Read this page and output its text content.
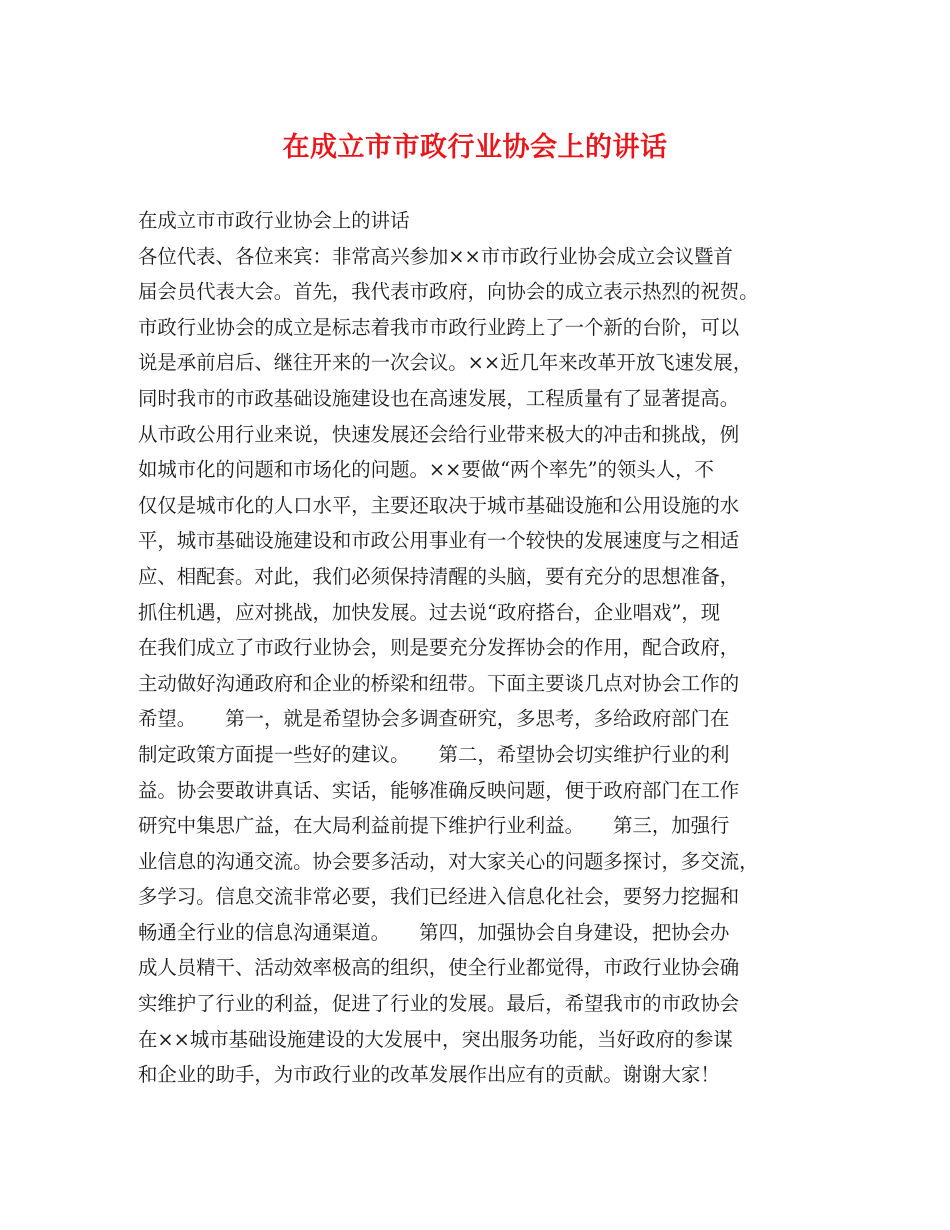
在成立市市政行业协会上的讲话
在成立市市政行业协会上的讲话
各位代表、各位来宾：非常高兴参加××市市政行业协会成立会议暨首
届会员代表大会。首先，我代表市政府，向协会的成立表示热烈的祝贺。
市政行业协会的成立是标志着我市市政行业跨上了一个新的台阶，可以
说是承前启后、继往开来的一次会议。××近几年来改革开放飞速发展，
同时我市的市政基础设施建设也在高速发展，工程质量有了显著提高。
从市政公用行业来说，快速发展还会给行业带来极大的冲击和挑战，例
如城市化的问题和市场化的问题。××要做“两个率先”的领头人，不
仅仅是城市化的人口水平，主要还取决于城市基础设施和公用设施的水
平，城市基础设施建设和市政公用事业有一个较快的发展速度与之相适
应、相配套。对此，我们必须保持清醒的头脑，要有充分的思想准备，
抓住机遇，应对挑战，加快发展。过去说“政府搭台，企业唱戏”，现
在我们成立了市政行业协会，则是要充分发挥协会的作用，配合政府，
主动做好沟通政府和企业的桥梁和纽带。下面主要谈几点对协会工作的
希望。　　第一，就是希望协会多调查研究，多思考，多给政府部门在
制定政策方面提一些好的建议。　　第二，希望协会切实维护行业的利
益。协会要敢讲真话、实话，能够准确反映问题，便于政府部门在工作
研究中集思广益，在大局利益前提下维护行业利益。　　第三，加强行
业信息的沟通交流。协会要多活动，对大家关心的问题多探讨，多交流，
多学习。信息交流非常必要，我们已经进入信息化社会，要努力挖掘和
畅通全行业的信息沟通渠道。　　第四，加强协会自身建设，把协会办
成人员精干、活动效率极高的组织，使全行业都觉得，市政行业协会确
实维护了行业的利益，促进了行业的发展。最后，希望我市的市政协会
在××城市基础设施建设的大发展中，突出服务功能，当好政府的参谋
和企业的助手，为市政行业的改革发展作出应有的贡献。谢谢大家！
